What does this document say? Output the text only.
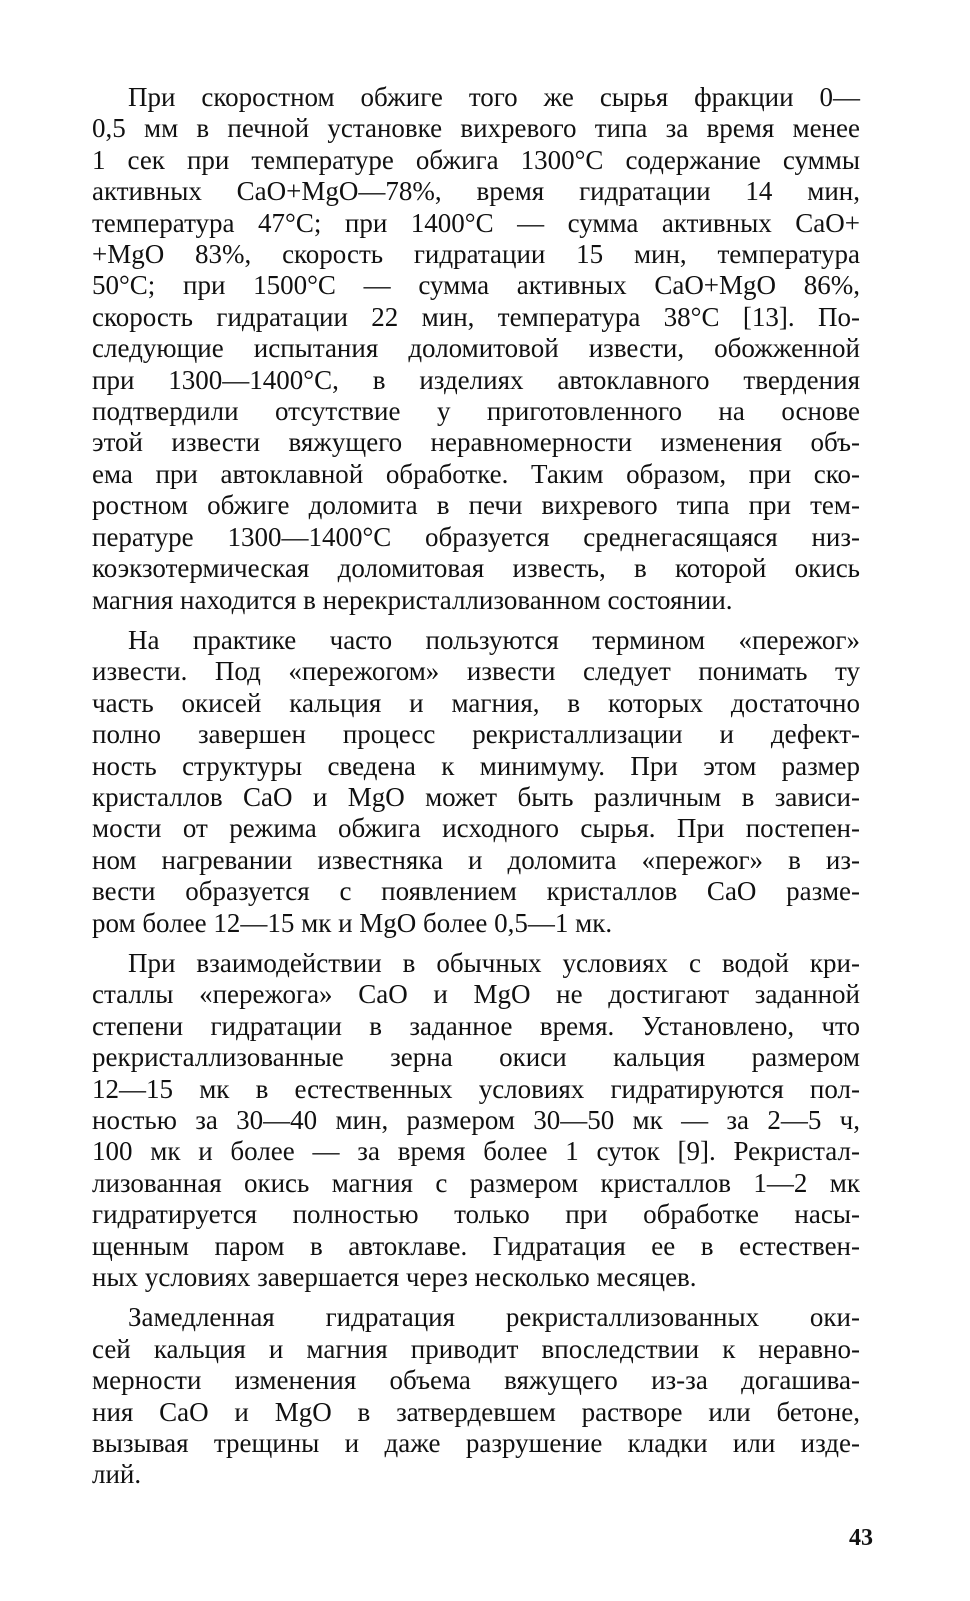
При скоростном обжиге того же сырья фракции 0—
0,5 мм в печной установке вихревого типа за время менее
1 сек при температуре обжига 1300°С содержание суммы
активных СаО+MgO—78%, время гидратации 14 мин,
температура 47°С; при 1400°С — сумма активных СаО+
+MgO 83%, скорость гидратации 15 мин, температура
50°С; при 1500°С — сумма активных СаО+MgO 86%,
скорость гидратации 22 мин, температура 38°С [13]. По-
следующие испытания доломитовой извести, обожженной
при 1300—1400°С, в изделиях автоклавного твердения
подтвердили отсутствие у приготовленного на основе
этой извести вяжущего неравномерности изменения объ-
ема при автоклавной обработке. Таким образом, при ско-
ростном обжиге доломита в печи вихревого типа при тем-
пературе 1300—1400°С образуется среднегасящаяся низ-
коэкзотермическая доломитовая известь, в которой окись
магния находится в нерекристаллизованном состоянии.

На практике часто пользуются термином «пережог»
извести. Под «пережогом» извести следует понимать ту
часть окисей кальция и магния, в которых достаточно
полно завершен процесс рекристаллизации и дефект-
ность структуры сведена к минимуму. При этом размер
кристаллов СаО и MgO может быть различным в зависи-
мости от режима обжига исходного сырья. При постепен-
ном нагревании известняка и доломита «пережог» в из-
вести образуется с появлением кристаллов СаО разме-
ром более 12—15 мк и MgO более 0,5—1 мк.

При взаимодействии в обычных условиях с водой кри-
сталлы «пережога» СаО и MgO не достигают заданной
степени гидратации в заданное время. Установлено, что
рекристаллизованные зерна окиси кальция размером
12—15 мк в естественных условиях гидратируются пол-
ностью за 30—40 мин, размером 30—50 мк — за 2—5 ч,
100 мк и более — за время более 1 суток [9]. Рекристал-
лизованная окись магния с размером кристаллов 1—2 мк
гидратируется полностью только при обработке насы-
щенным паром в автоклаве. Гидратация ее в естествен-
ных условиях завершается через несколько месяцев.

Замедленная гидратация рекристаллизованных оки-
сей кальция и магния приводит впоследствии к неравно-
мерности изменения объема вяжущего из-за догашива-
ния СаО и MgO в затвердевшем растворе или бетоне,
вызывая трещины и даже разрушение кладки или изде-
лий.

43
